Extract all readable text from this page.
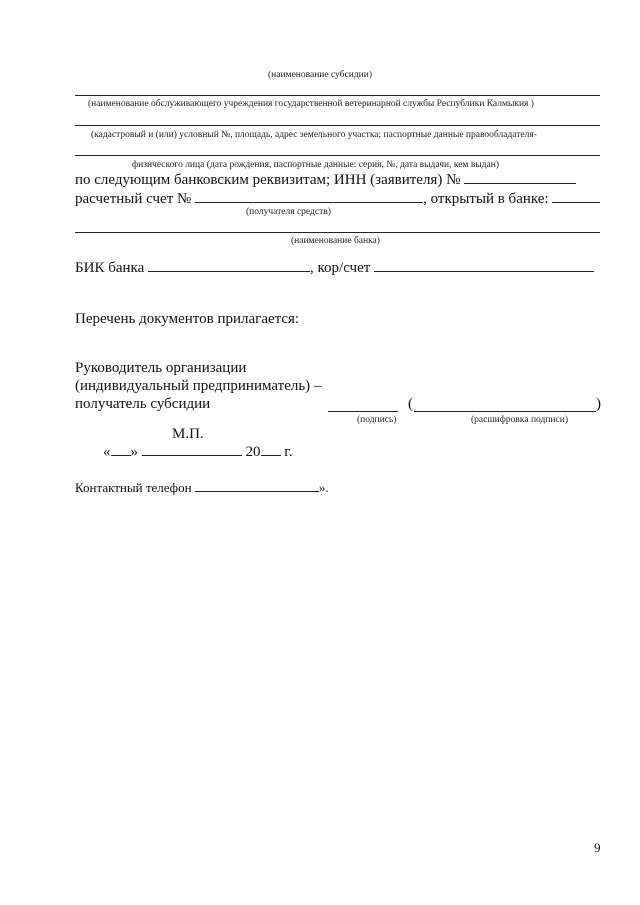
(наименование субсидии)
(наименование обслуживающего учреждения государственной ветеринарной службы Республики Калмыкия )
(кадастровый и (или) условный №, площадь, адрес земельного участка; паспортные данные правообладателя-
физического лица (дата рождения, паспортные данные: серия, №, дата выдачи, кем выдан)
по следующим банковским реквизитам; ИНН (заявителя) №
расчетный счет №	, открытый в банке:
(получателя средств)
(наименование банка)
БИК банка	, кор/счет
Перечень документов прилагается:
Руководитель организации
(индивидуальный предприниматель) –
получатель субсидии	(	)
(подпись)	(расшифровка подписи)
М.П.
« »	20 г.
Контактный телефон	».
9
